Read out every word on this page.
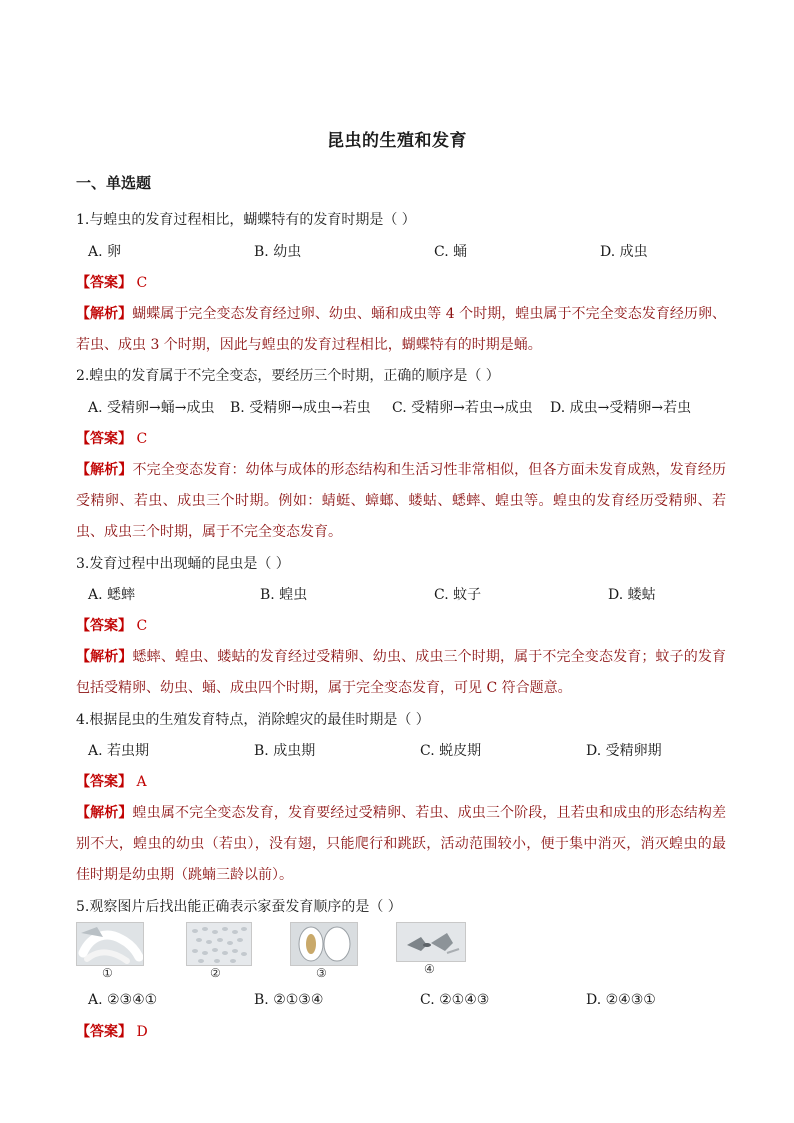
昆虫的生殖和发育
一、单选题
1.与蝗虫的发育过程相比，蝴蝶特有的发育时期是（ ）
A. 卵	B. 幼虫	C. 蛹	D. 成虫
【答案】 C
【解析】蝴蝶属于完全变态发育经过卵、幼虫、蛹和成虫等 4 个时期，蝗虫属于不完全变态发育经历卵、若虫、成虫 3 个时期，因此与蝗虫的发育过程相比，蝴蝶特有的时期是蛹。
2.蝗虫的发育属于不完全变态，要经历三个时期，正确的顺序是（ ）
A. 受精卵→蛹→成虫 B. 受精卵→成虫→若虫 C. 受精卵→若虫→成虫 D. 成虫→受精卵→若虫
【答案】 C
【解析】不完全变态发育：幼体与成体的形态结构和生活习性非常相似，但各方面未发育成熟，发育经历受精卵、若虫、成虫三个时期。例如：蜻蜓、蟑螂、蝼蛄、蟋蟀、蝗虫等。蝗虫的发育经历受精卵、若虫、成虫三个时期，属于不完全变态发育。
3.发育过程中出现蛹的昆虫是（ ）
A. 蟋蟀	B. 蝗虫	C. 蚊子	D. 蝼蛄
【答案】 C
【解析】蟋蟀、蝗虫、蝼蛄的发育经过受精卵、幼虫、成虫三个时期，属于不完全变态发育；蚊子的发育包括受精卵、幼虫、蛹、成虫四个时期，属于完全变态发育，可见 C 符合题意。
4.根据昆虫的生殖发育特点，消除蝗灾的最佳时期是（ ）
A. 若虫期	B. 成虫期	C. 蜕皮期	D. 受精卵期
【答案】 A
【解析】蝗虫属不完全变态发育，发育要经过受精卵、若虫、成虫三个阶段，且若虫和成虫的形态结构差别不大，蝗虫的幼虫（若虫），没有翅，只能爬行和跳跃，活动范围较小，便于集中消灭，消灭蝗虫的最佳时期是幼虫期（跳蝻三龄以前）。
5.观察图片后找出能正确表示家蚕发育顺序的是（ ）
①	②	③	④
A. ②③④①	B. ②①③④	C. ②①④③	D. ②④③①
【答案】 D
